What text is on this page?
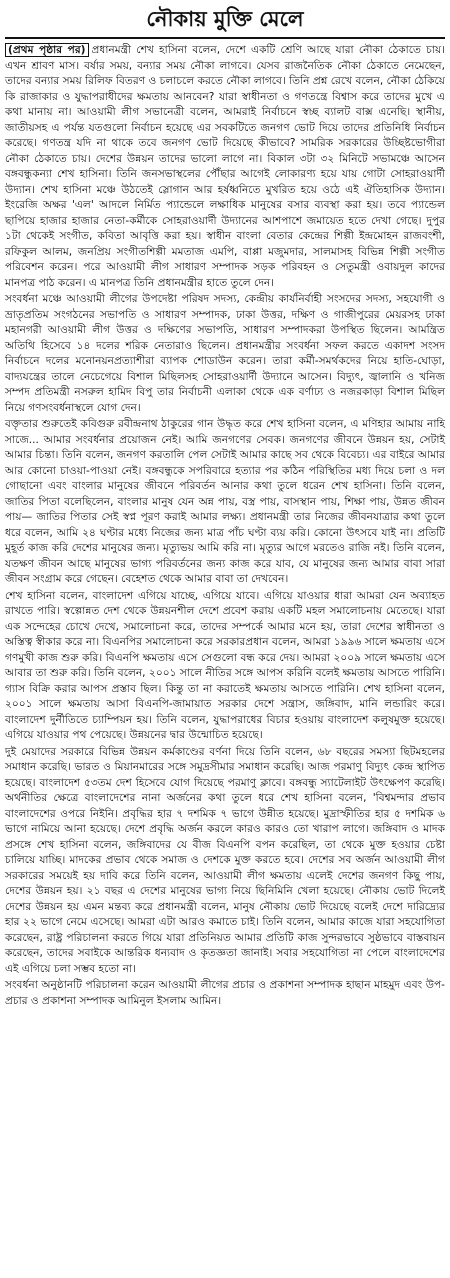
নৌকায় মুক্তি মেলে

(প্রথম পৃষ্ঠার পর) প্রধানমন্ত্রী শেখ হাসিনা বলেন, দেশে একটি শ্রেণি আছে যারা নৌকা ঠেকাতে চায়। এখন শ্রাবণ মাস। বর্ষার সময়, বন্যার সময় নৌকা লাগবে। যেসব রাজনৈতিক নৌকা ঠেকাতে নেমেছেন, তাদের বন্যার সময় রিলিফ বিতরণ ও চলাচলে করতে নৌকা লাগবে। তিনি প্রশ্ন রেখে বলেন, নৌকা ঠেকিয়ে কি রাজাকার ও যুদ্ধাপরাধীদের ক্ষমতায় আনবেন? যারা স্বাধীনতা ও গণতন্ত্রে বিশ্বাস করে তাদের মুখে এ কথা মানায় না। আওয়ামী লীগ সভানেত্রী বলেন, আমরাই নির্বাচনে স্বচ্ছ ব্যালট বাক্স এনেছি। স্থানীয়, জাতীয়সহ এ পর্যন্ত যতগুলো নির্বাচন হয়েছে এর সবকটিতে জনগণ ভোট দিয়ে তাদের প্রতিনিধি নির্বাচন করেছে। গণতন্ত্র যদি না থাকে তবে জনগণ ভোট দিয়েছে কীভাবে? সামরিক সরকারের উচ্ছিষ্টভোগীরা নৌকা ঠেকাতে চায়। দেশের উন্নয়ন তাদের ভালো লাগে না। বিকাল ৩টা ৩২ মিনিটে সভামঞ্চে আসেন বঙ্গবন্ধুকন্যা শেখ হাসিনা। তিনি জনসভাস্থলের পৌঁছার আগেই লোকারণ্য হয়ে যায় গোটা সোহরাওয়ার্দী উদ্যান। শেখ হাসিনা মঞ্চে উঠতেই স্লোগান আর হর্ষধ্বনিতে মুখরিত হয়ে ওঠে এই ঐতিহাসিক উদ্যান। ইংরেজি অক্ষর 'এল' আদলে নির্মিত প্যান্ডেলে লক্ষাধিক মানুষের বসার ব্যবস্থা করা হয়। তবে প্যান্ডেল ছাপিয়ে হাজার হাজার নেতা-কর্মীকে সোহরাওয়ার্দী উদ্যানের আশপাশে জমায়েত হতে দেখা গেছে। দুপুর ১টা থেকেই সংগীত, কবিতা আবৃত্তি করা হয়। স্বাধীন বাংলা বেতার কেন্দ্রের শিল্পী ইন্দ্রমোহন রাজবংশী, রফিকুল আলম, জনপ্রিয় সংগীতশিল্পী মমতাজ এমপি, বাপ্পা মজুমদার, সালমাসহ বিভিন্ন শিল্পী সংগীত পরিবেশন করেন। পরে আওয়ামী লীগ সাধারণ সম্পাদক সড়ক পরিবহন ও সেতুমন্ত্রী ওবায়দুল কাদের মানপত্র পাঠ করেন। এ মানপত্র তিনি প্রধানমন্ত্রীর হাতে তুলে দেন।

সংবর্ধনা মঞ্চে আওয়ামী লীগের উপদেষ্টা পরিষদ সদস্য, কেন্দ্রীয় কার্যনির্বাহী সংসদের সদস্য, সহযোগী ও ভ্রাতৃপ্রতিম সংগঠনের সভাপতি ও সাধারণ সম্পাদক, ঢাকা উত্তর, দক্ষিণ ও গাজীপুরের মেয়রসহ ঢাকা মহানগরী আওয়ামী লীগ উত্তর ও দক্ষিণের সভাপতি, সাধারণ সম্পাদকরা উপস্থিত ছিলেন। আমন্ত্রিত অতিথি হিসেবে ১৪ দলের শরিক নেতারাও ছিলেন। প্রধানমন্ত্রীর সংবর্ধনা সফল করতে একাদশ সংসদ নির্বাচনে দলের মনোনয়নপ্রত্যাশীরা ব্যাপক শোডাউন করেন। তারা কর্মী-সমর্থকদের নিয়ে হাতি-ঘোড়া, বাদ্যযন্ত্রের তালে নেচেগেয়ে বিশাল মিছিলসহ সোহরাওয়ার্দী উদ্যানে আসেন। বিদ্যুৎ, জ্বালানি ও খনিজ সম্পদ প্রতিমন্ত্রী নসরুল হামিদ বিপু তার নির্বাচনী এলাকা থেকে এক বর্ণাঢ্য ও নজরকাড়া বিশাল মিছিল নিয়ে গণসংবর্ধনাস্থলে যোগ দেন।

বক্তৃতার শুরুতেই কবিগুরু রবীন্দ্রনাথ ঠাকুরের গান উদ্ধৃত করে শেখ হাসিনা বলেন, এ মণিহার আমায় নাহি সাজে... আমার সংবর্ধনার প্রয়োজন নেই। আমি জনগণের সেবক। জনগণের জীবনে উন্নয়ন হয়, সেটাই আমার চিন্তা। তিনি বলেন, জনগণ করতালি পেল সেটাই আমার কাছে সব থেকে বিবেচ্য। এর বাইরে আমার আর কোনো চাওয়া-পাওয়া নেই। বঙ্গবন্ধুকে সপরিবারে হত্যার পর কঠিন পরিস্থিতির মধ্য দিয়ে চলা ও দল গোছানো এবং বাংলার মানুষের জীবনে পরিবর্তন আনার কথা তুলে ধরেন শেখ হাসিনা। তিনি বলেন, জাতির পিতা বলেছিলেন, বাংলার মানুষ যেন অন্ন পায়, বস্ত্র পায়, বাসস্থান পায়, শিক্ষা পায়, উন্নত জীবন পায়— জাতির পিতার সেই স্বপ্ন পূরণ করাই আমার লক্ষ্য। প্রধানমন্ত্রী তার নিজের জীবনযাত্রার কথা তুলে ধরে বলেন, আমি ২৪ ঘণ্টার মধ্যে নিজের জন্য মাত্র পাঁচ ঘণ্টা ব্যয় করি। কোনো উৎসবে যাই না। প্রতিটি মুহূর্ত কাজ করি দেশের মানুষের জন্য। মৃত্যুভয় আমি করি না। মৃত্যুর আগে মরতেও রাজি নই। তিনি বলেন, যতক্ষণ জীবন আছে মানুষের ভাগ্য পরিবর্তনের জন্য কাজ করে যাব, যে মানুষের জন্য আমার বাবা সারা জীবন সংগ্রাম করে গেছেন। বেহেশত থেকে আমার বাবা তা দেখবেন।

শেখ হাসিনা বলেন, বাংলাদেশ এগিয়ে যাচ্ছে, এগিয়ে যাবে। এগিয়ে যাওয়ার ধারা আমরা যেন অব্যাহত রাখতে পারি। স্বল্পোন্নত দেশ থেকে উন্নয়নশীল দেশে প্রবেশ করায় একটি মহল সমালোচনায় মেতেছে। যারা এক সন্দেহের চোখে দেখে, সমালোচনা করে, তাদের সম্পর্কে আমার মনে হয়, তারা দেশের স্বাধীনতা ও অস্তিত্ব স্বীকার করে না। বিএনপির সমালোচনা করে সরকারপ্রধান বলেন, আমরা ১৯৯৬ সালে ক্ষমতায় এসে গণমুখী কাজ শুরু করি। বিএনপি ক্ষমতায় এসে সেগুলো বন্ধ করে দেয়। আমরা ২০০৯ সালে ক্ষমতায় এসে আবার তা শুরু করি। তিনি বলেন, ২০০১ সালে নীতির সঙ্গে আপস করিনি বলেই ক্ষমতায় আসতে পারিনি। গ্যাস বিক্রি করার আপস প্রস্তাব ছিল। কিন্তু তা না করাতেই ক্ষমতায় আসতে পারিনি। শেখ হাসিনা বলেন, ২০০১ সালে ক্ষমতায় আসা বিএনপি-জামায়াত সরকার দেশে সন্ত্রাস, জঙ্গিবাদ, মানি লন্ডারিং করে। বাংলাদেশ দুর্নীতিতে চ্যাম্পিয়ন হয়। তিনি বলেন, যুদ্ধাপরাধের বিচার হওয়ায় বাংলাদেশ কলুষমুক্ত হয়েছে। এগিয়ে যাওয়ার পথ পেয়েছে। উন্নয়নের দ্বার উন্মোচিত হয়েছে।

দুই মেয়াদের সরকারে বিভিন্ন উন্নয়ন কর্মকাণ্ডের বর্ণনা দিয়ে তিনি বলেন, ৬৮ বছরের সমস্যা ছিটমহলের সমাধান করেছি। ভারত ও মিয়ানমারের সঙ্গে সমুদ্রসীমার সমাধান করেছি। আজ পরমাণু বিদ্যুৎ কেন্দ্র স্থাপিত হয়েছে। বাংলাদেশ ৫৩তম দেশ হিসেবে যোগ দিয়েছে পরমাণু ক্লাবে। বঙ্গবন্ধু স্যাটেলাইট উৎক্ষেপণ করেছি। অর্থনীতির ক্ষেত্রে বাংলাদেশের নানা অর্জনের কথা তুলে ধরে শেখ হাসিনা বলেন, 'বিশ্বমন্দার প্রভাব বাংলাদেশের ওপরে নিইনি। প্রবৃদ্ধির হার ৭ দশমিক ৭ ভাগে উন্নীত হয়েছে। মুদ্রাস্ফীতির হার ৫ দশমিক ৬ ভাগে নামিয়ে আনা হয়েছে। দেশে প্রবৃদ্ধি অর্জন করলে কারও কারও তো খারাপ লাগে। জঙ্গিবাদ ও মাদক প্রসঙ্গে শেখ হাসিনা বলেন, জঙ্গিবাদের যে বীজ বিএনপি বপন করেছিল, তা থেকে মুক্ত হওয়ার চেষ্টা চালিয়ে যাচ্ছি। মাদকের প্রভাব থেকে সমাজ ও দেশকে মুক্ত করতে হবে। দেশের সব অর্জন আওয়ামী লীগ সরকারের সময়েই হয় দাবি করে তিনি বলেন, আওয়ামী লীগ ক্ষমতায় এলেই দেশের জনগণ কিছু পায়, দেশের উন্নয়ন হয়। ২১ বছর এ দেশের মানুষের ভাগ্য নিয়ে ছিনিমিনি খেলা হয়েছে। নৌকায় ভোট দিলেই দেশের উন্নয়ন হয় এমন মন্তব্য করে প্রধানমন্ত্রী বলেন, মানুষ নৌকায় ভোট দিয়েছে বলেই দেশে দারিদ্র্যের হার ২২ ভাগে নেমে এসেছে। আমরা এটা আরও কমাতে চাই। তিনি বলেন, আমার কাজে যারা সহযোগিতা করেছেন, রাষ্ট্র পরিচালনা করতে গিয়ে যারা প্রতিনিয়ত আমার প্রতিটি কাজ সুন্দরভাবে সুষ্ঠভাবে বাস্তবায়ন করেছেন, তাদের সবাইকে আন্তরিক ধন্যবাদ ও কৃতজ্ঞতা জানাই। সবার সহযোগিতা না পেলে বাংলাদেশের এই এগিয়ে চলা সম্ভব হতো না।

সংবর্ধনা অনুষ্ঠানটি পরিচালনা করেন আওয়ামী লীগের প্রচার ও প্রকাশনা সম্পাদক হাছান মাহমুদ এবং উপ-প্রচার ও প্রকাশনা সম্পাদক আমিনুল ইসলাম আমিন।
